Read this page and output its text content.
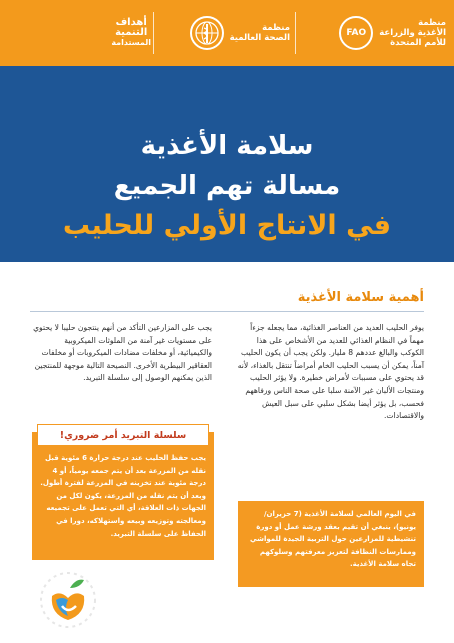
منظمة
الأغذية والزراعة
للأمم المتحدة
FAO
منظمة
الصحة العالمية
أهداف
التنمية
المستدامة
سلامة الأغذية
مسالة تهم الجميع
في الانتاج الأولي للحليب
أهمية سلامة الأغذية
يوفر الحليب العديد من العناصر الغذائية، مما يجعله جزءاً مهماً في النظام الغذائي للعديد من الأشخاص على هذا الكوكب والبالغ عددهم 8 مليار. ولكن يجب أن يكون الحليب آمناً، يمكن أن يسبب الحليب الخام أمراضاً تنتقل بالغذاء، لأنه قد يحتوي على مسببات لأمراض خطيرة. ولا يؤثر الحليب ومنتجات الألبان غير الآمنة سلبا على صحة الناس ورفاههم فحسب، بل يؤثر أيضا بشكل سلبي على سبل العيش والاقتصادات.
يجب على المزارعين التأكد من أنهم ينتجون حليبا لا يحتوي على مستويات غير آمنة من الملوثات الميكروبية والكيميائية، أو مخلفات مضادات الميكروبات أو مخلفات العقاقير البيطرية الأخرى. النصيحة التالية موجهة للمنتجين الذين يمكنهم الوصول إلى سلسلة التبريد.
يجب حفظ الحليب عند درجة حرارة 6 مئوية قبل نقله من المزرعة بعد أن يتم جمعه يومياً، أو 4 درجة مئوية عند تخزينه في المزرعة لفترة أطول. وبعد أن يتم نقله من المزرعة، يكون لكل من الجهات ذات العلاقة، أي التي تعمل على تجميعه ومعالجته وتوزيعه وبيعه واستهلاكه، دورا في الحفاظ على سلسلة التبريد.
سلسلة التبريد أمر ضروري!
في اليوم العالمي لسلامة الأغذية (7 حزيران/ يونيو)، ينبغي أن تقيم بعقد ورشة عمل أو دورة تنشيطية للمزارعين حول التربية الجيدة للمواشي وممارسات النظافة لتعزيز معرفتهم وسلوكهم تجاه سلامة الأغذية.
